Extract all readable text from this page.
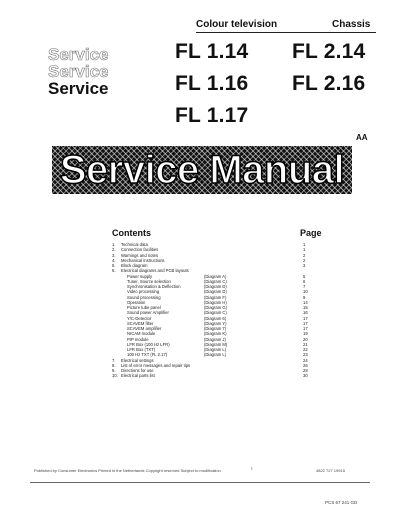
Colour television	Chassis
Service
Service
Service
FL 1.14 FL 2.14
FL 1.16 FL 2.16
FL 1.17
AA
Service Manual
Contents	Page
1. Technical data	1
2. Connection facilities	1
3. Warnings and notes	2
4. Mechanical instructions	2
5. Block diagram	3
6. Electrical diagrams and PCB layouts
Power supply	(Diagram A)	5
Tuner, Source selection	(Diagram C)	6
Synchronisation & Deflection	(Diagram D)	7
Video processing	(Diagram D)	10
Sound processing	(Diagram F)	9
Operation	(Diagram H)	14
Picture tube panel	(Diagram G)	15
Sound power Amplifier	(Diagram C)	16
Y/C-Detector	(Diagram 6)	17
SCAVEM filter	(Diagram Y)	17
SCAVEM amplifier	(Diagram 7)	17
NICAM module	(Diagram K)	19
PIP module	(Diagram J)	20
LFR Box (100 Hz LFR)	(Diagram M)	21
LFR Box (TXT)	(Diagram L)	22
100 Hz TXT (FL 2.17)	(Diagram L)	23
7. Electrical settings	24
8. List of error messages and repair tips	26
9. Directions for use	28
10. Electrical parts list	30
Published by Consumer Electronics Printed in the Netherlands Copyright reserved Subject to modification	♀	4822 727 19915
PCS 67 241 GD
